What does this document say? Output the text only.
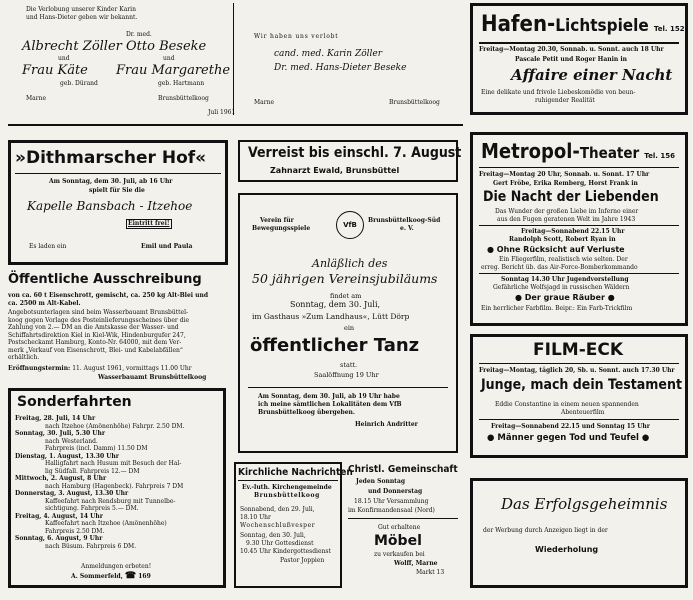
Die Verlobung unserer Kinder Karin
und Hans-Dieter geben wir bekannt.
Dr. med.
Albrecht Zöller Otto Beseke
und	und
Frau Käte Frau Margarethe
geb. Dürand	geb. Hartmann
Marne	Brunsbüttelkoog
Wir haben uns verlobt
cand. med. Karin Zöller
Dr. med. Hans-Dieter Beseke
Marne	Brunsbüttelkoog
Juli 1961
Hafen-Lichtspiele Tel. 152
Freitag—Montag 20.30, Sonnab. u. Sonnt. auch 18 Uhr
Pascale Petit und Roger Hanin in
Affaire einer Nacht
Eine delikate und frivole Liebeskomödie von beun-
ruhigender Realität
»Dithmarscher Hof«
Am Sonntag, dem 30. Juli, ab 16 Uhr
spielt für Sie die
Kapelle Bansbach - Itzehoe
Eintritt frei!
Es laden ein	Emil und Paula
Verreist bis einschl. 7. August
Zahnarzt Ewald, Brunsbüttel
Metropol-Theater Tel. 156
Freitag—Montag 20 Uhr, Sonnab. u. Sonnt. 17 Uhr
Gert Fröbe, Erika Remberg, Horst Frank in
Die Nacht der Liebenden
Das Wunder der großen Liebe im Inferno einer
aus den Fugen geratenen Welt im Jahre 1943
Freitag—Sonnabend 22.15 Uhr
Randolph Scott, Robert Ryan in
● Ohne Rücksicht auf Verluste
Ein Fliegerfilm, realistisch wie selten. Der
erreg. Bericht üb. das Air-Force-Bomberkommando
Sonntag 14.30 Uhr Jugendvorstellung
Gefährliche Wolfsjagd in russischen Wäldern
● Der graue Räuber ●
Ein herrlicher Farbfilm. Beipr.: Ein Farb-Trickfilm
Öffentliche Ausschreibung
von ca. 60 t Eisenschrott, gemischt, ca. 250 kg Alt-Blei und
ca. 2500 m Alt-Kabel.
Angebotsunterlagen sind beim Wasserbauamt Brunsbüttel-
koog gegen Vorlage des Posteinlieferungsscheines über die
Zahlung von 2.— DM an die Amtskasse der Wasser- und
Schiffahrtsdirektion Kiel in Kiel-Wik, Hindenburgufer 247,
Postscheckamt Hamburg, Konto-Nr. 64000, mit dem Ver-
merk „Verkauf von Eisenschrott, Blei- und Kabelabfällen“
erhältlich.
Eröffnungstermin: 11. August 1961, vormittags 11.00 Uhr
Wasserbauamt Brunsbüttelkoog
Verein für
Bewegungsspiele	VfB
Brunsbüttelkoog-Süd
e. V.
Anläßlich des
50 jährigen Vereinsjubiläums
findet am
Sonntag, dem 30. Juli,
im Gasthaus »Zum Landhaus«, Lütt Dörp
ein
öffentlicher Tanz
statt.
Saalöffnung 19 Uhr
Am Sonntag, dem 30. Juli, ab 19 Uhr habe
ich meine sämtlichen Lokalitäten dem VfB
Brunsbüttelkoog übergeben.
Heinrich Andritter
FILM-ECK
Freitag—Montag, täglich 20, Sb. u. Sonnt. auch 17.30 Uhr
Junge, mach dein Testament
Eddie Constantine in einem neuen spannenden
Abenteuerfilm
Freitag—Sonnabend 22.15 und Sonntag 15 Uhr
● Männer gegen Tod und Teufel ●
Sonderfahrten
Freitag, 28. Juli, 14 Uhr
nach Itzehoe (Amönenhöhe) Fahrpr. 2.50 DM.
Sonntag, 30. Juli, 5.30 Uhr
nach Westerland.
Fahrpreis (incl. Damm) 11.50 DM
Dienstag, 1. August, 13.30 Uhr
Halligfahrt nach Husum mit Besuch der Hal-
lig Südfall. Fahrpreis 12.— DM
Mittwoch, 2. August, 8 Uhr
nach Hamburg (Hagenbeck). Fahrpreis 7 DM
Donnerstag, 3. August, 13.30 Uhr
Kaffeefahrt nach Rendsburg mit Tunnelbe-
sichtigung. Fahrpreis 5.— DM.
Freitag, 4. August, 14 Uhr
Kaffeefahrt nach Itzehoe (Amönenhöhe)
Fahrpreis 2.50 DM.
Sonntag, 6. August, 9 Uhr
nach Büsum. Fahrpreis 6 DM.
Anmeldungen erbeten!
A. Sommerfeld, ☎ 169
Kirchliche Nachrichten
Ev.-luth. Kirchengemeinde
Brunsbüttelkoog
Sonnabend, den 29. Juli,
18.10 Uhr
Wochenschlußvesper
Sonntag, den 30. Juli,
9.30 Uhr Gottesdienst
10.45 Uhr Kindergottesdienst
Pastor Joppien
Christl. Gemeinschaft
Jeden Sonntag
und Donnerstag
18.15 Uhr Versammlung
im Konfirmandensaal (Nord)
Gut erhaltene
Möbel
zu verkaufen bei
Wolff, Marne
Markt 13
Das Erfolgsgeheimnis
der Werbung durch Anzeigen liegt in der
Wiederholung
